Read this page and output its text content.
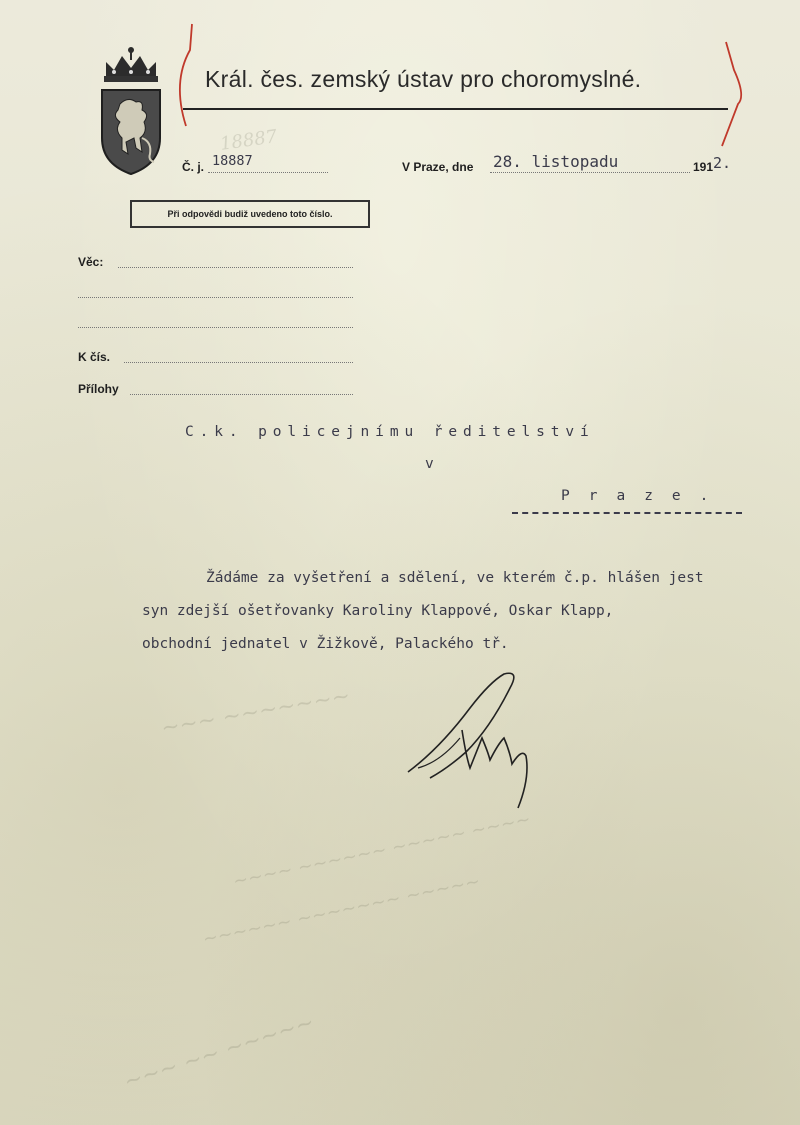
18887
~~~ ~~~~~~~
~~~~ ~~~~~~ ~~~~~ ~~~~
~~~~~~ ~~~~~~~ ~~~~~
~~~ ~~ ~~~~~
Král. čes. zemský ústav pro choromyslné.
Č. j. 18887	V Praze, dne 28. listopadu	191 2.
Při odpovědi budiž uvedeno toto číslo.
Věc:
K čís.
Přílohy
C.k. policejnímu ředitelství
v
Praze.
Žádáme za vyšetření a sdělení, ve kterém č.p. hlášen jest
syn zdejší ošetřovanky Karoliny Klappové, Oskar Klapp,
obchodní jednatel v Žižkově, Palackého tř.
